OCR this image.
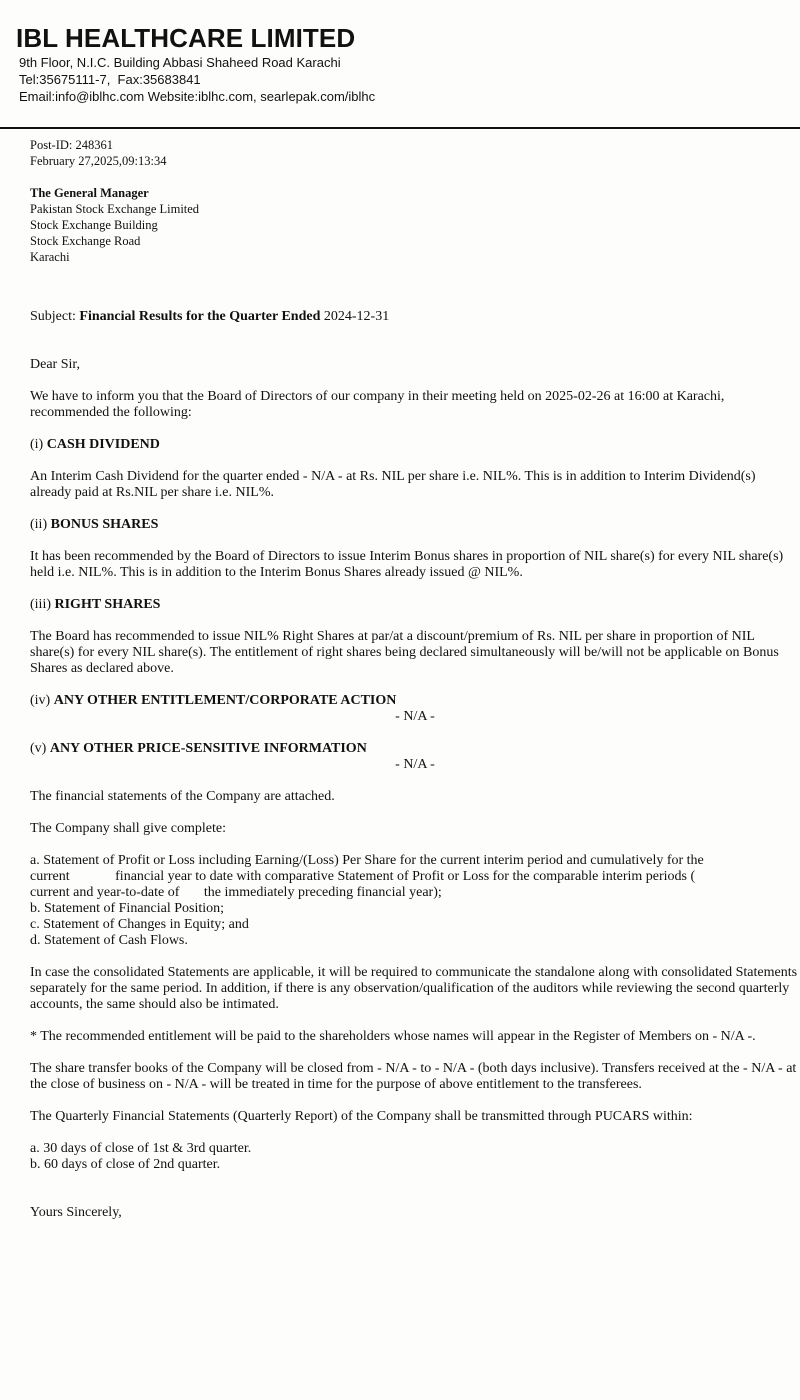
IBL HEALTHCARE LIMITED
9th Floor, N.I.C. Building Abbasi Shaheed Road Karachi
Tel:35675111-7,  Fax:35683841
Email:info@iblhc.com Website:iblhc.com, searlepak.com/iblhc

Post-ID: 248361

February 27,2025,09:13:34

The General Manager

Pakistan Stock Exchange Limited

Stock Exchange Building

Stock Exchange Road

Karachi

Subject: Financial Results for the Quarter Ended 2024-12-31

Dear Sir,

We have to inform you that the Board of Directors of our company in their meeting held on 2025-02-26 at 16:00 at Karachi, recommended the following:

(i) CASH DIVIDEND

An Interim Cash Dividend for the quarter ended - N/A - at Rs. NIL per share i.e. NIL%. This is in addition to Interim Dividend(s) already paid at Rs.NIL per share i.e. NIL%.

(ii) BONUS SHARES

It has been recommended by the Board of Directors to issue Interim Bonus shares in proportion of NIL share(s) for every NIL share(s) held i.e. NIL%. This is in addition to the Interim Bonus Shares already issued @ NIL%.

(iii) RIGHT SHARES

The Board has recommended to issue NIL% Right Shares at par/at a discount/premium of Rs. NIL per share in proportion of NIL share(s) for every NIL share(s). The entitlement of right shares being declared simultaneously will be/will not be applicable on Bonus Shares as declared above.

(iv) ANY OTHER ENTITLEMENT/CORPORATE ACTION

- N/A -

(v) ANY OTHER PRICE-SENSITIVE INFORMATION

- N/A -

The financial statements of the Company are attached.

The Company shall give complete:

a. Statement of Profit or Loss including Earning/(Loss) Per Share for the current interim period and cumulatively for the

current             financial year to date with comparative Statement of Profit or Loss for the comparable interim periods (

current and year-to-date of       the immediately preceding financial year);

b. Statement of Financial Position;

c. Statement of Changes in Equity; and

d. Statement of Cash Flows.

In case the consolidated Statements are applicable, it will be required to communicate the standalone along with consolidated Statements separately for the same period. In addition, if there is any observation/qualification of the auditors while reviewing the second quarterly accounts, the same should also be intimated.

* The recommended entitlement will be paid to the shareholders whose names will appear in the Register of Members on - N/A -.

The share transfer books of the Company will be closed from - N/A - to - N/A - (both days inclusive). Transfers received at the - N/A - at the close of business on - N/A - will be treated in time for the purpose of above entitlement to the transferees.

The Quarterly Financial Statements (Quarterly Report) of the Company shall be transmitted through PUCARS within:

a. 30 days of close of 1st & 3rd quarter.

b. 60 days of close of 2nd quarter.

Yours Sincerely,
